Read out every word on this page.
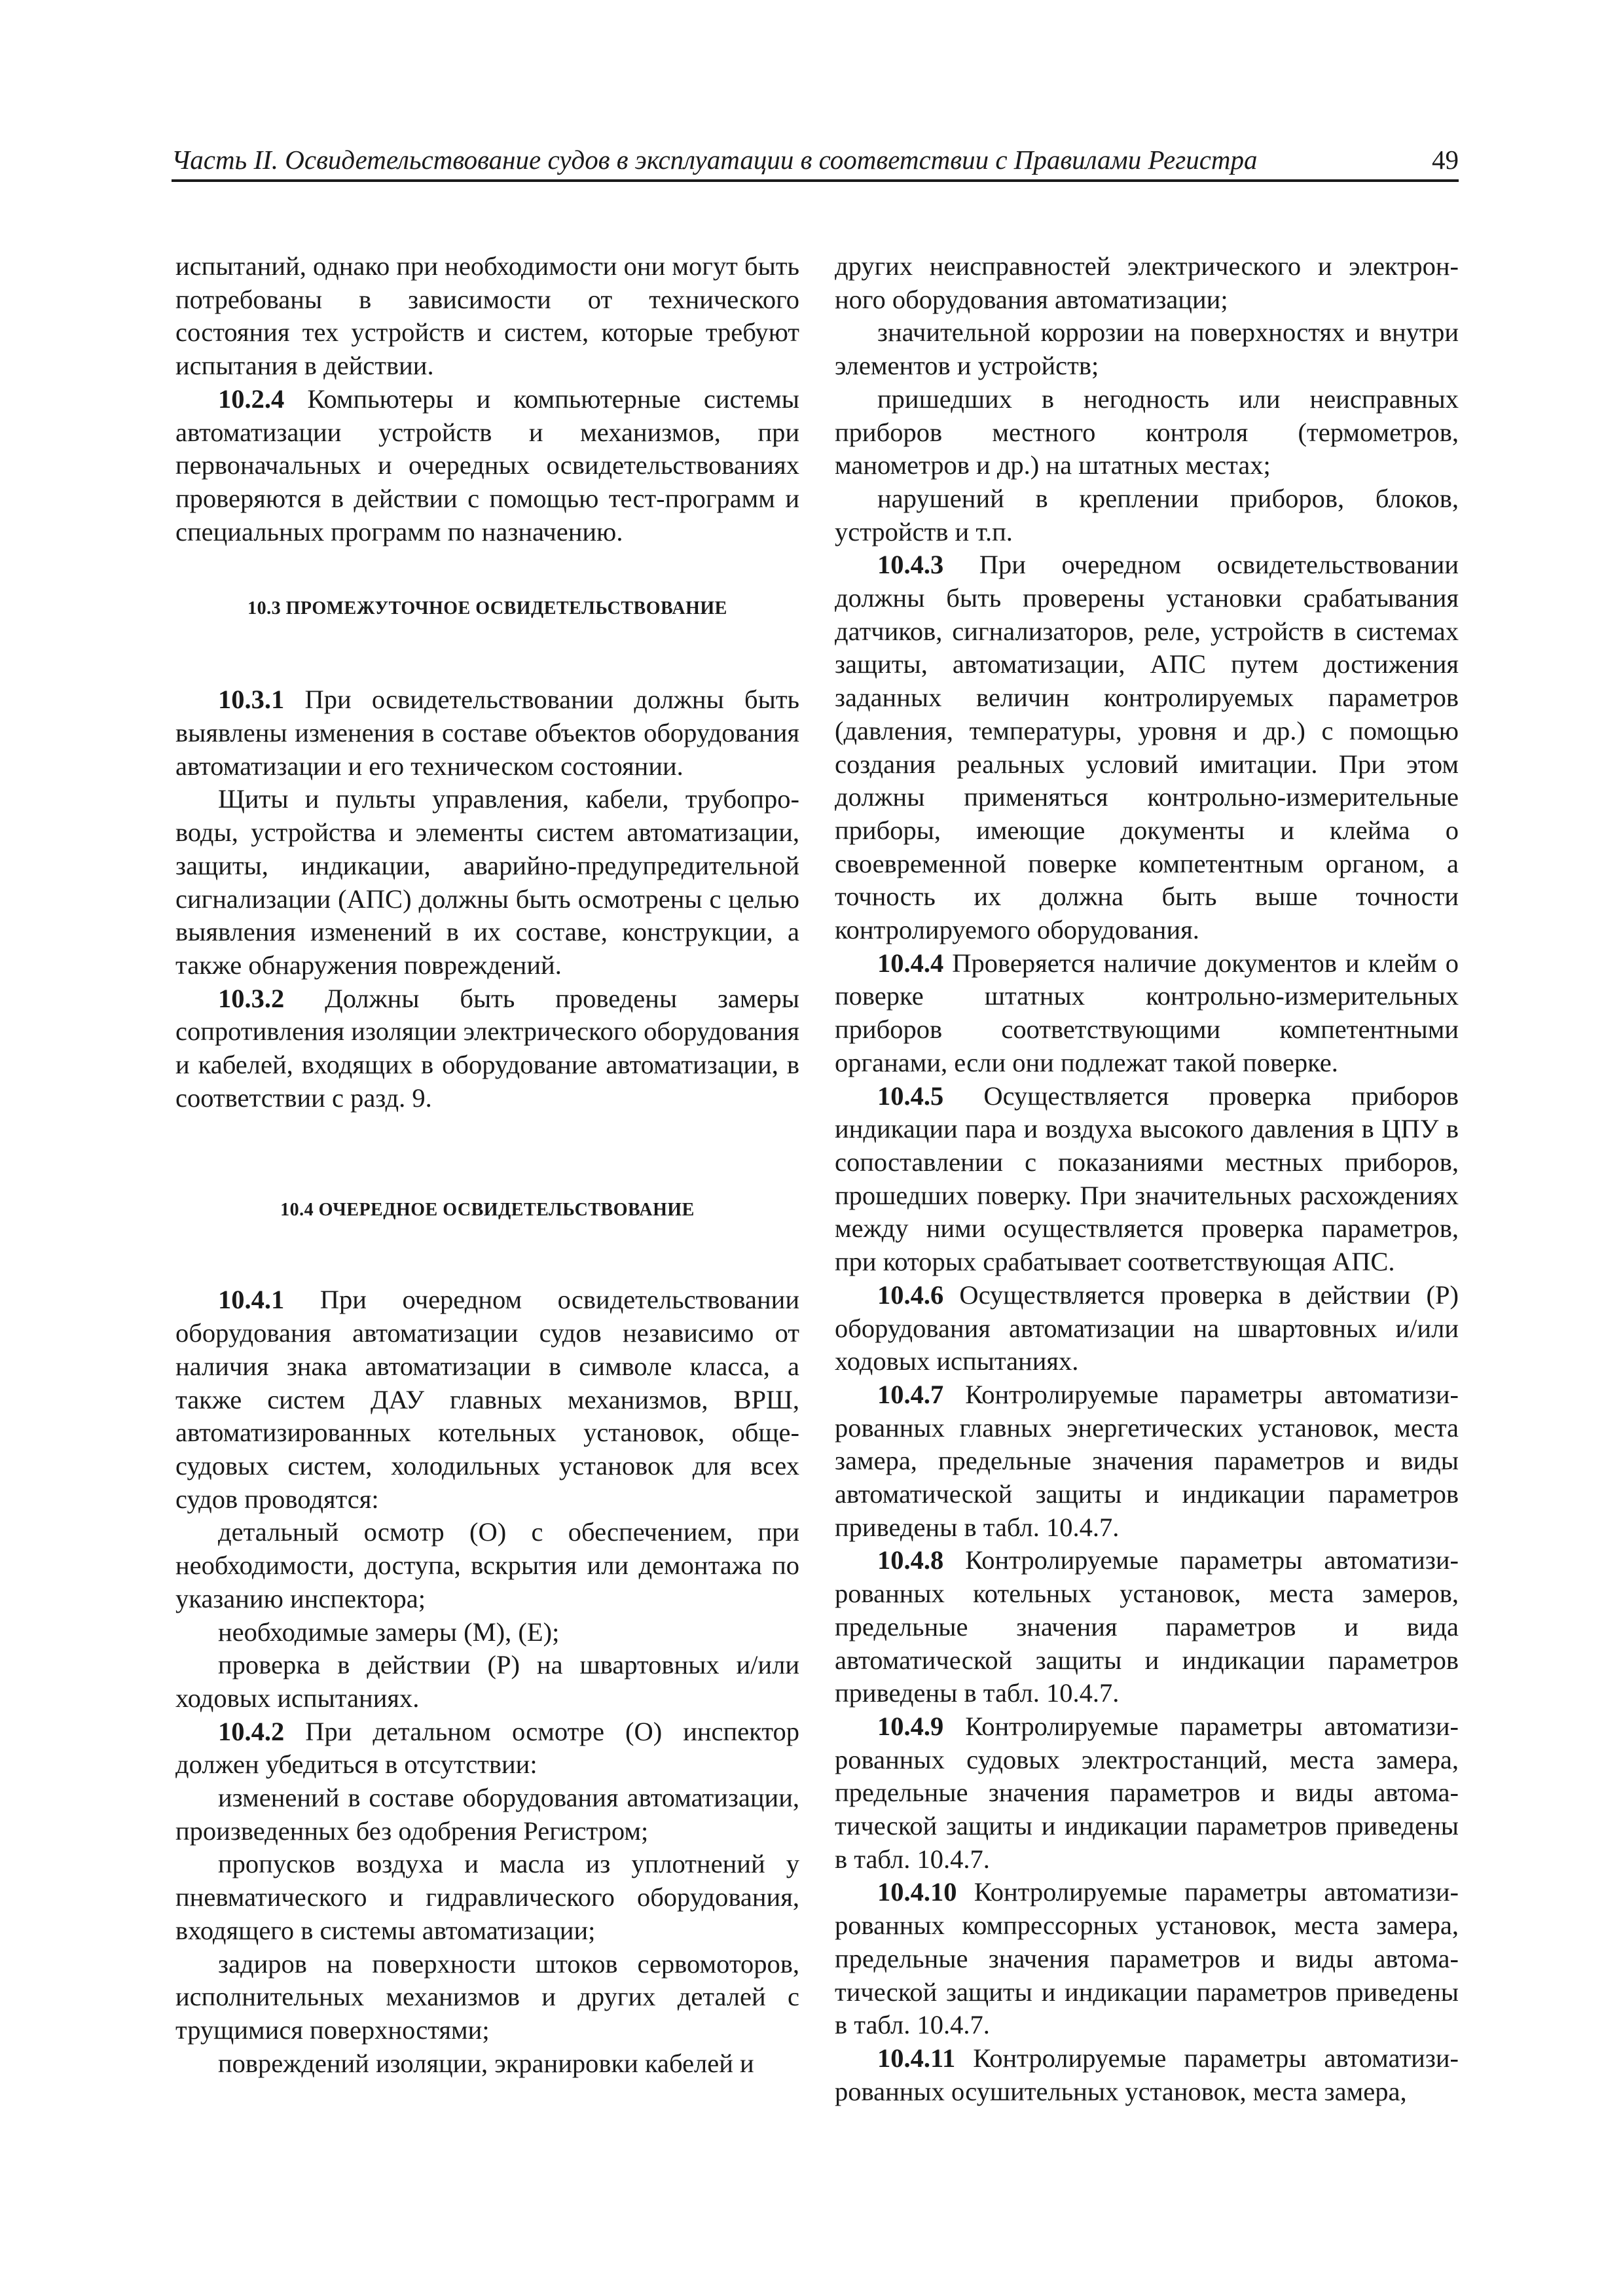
Часть II. Освидетельствование судов в эксплуатации в соответствии с Правилами Регистра	49

испытаний, однако при необходимости они могут быть потребованы в зависимости от технического состояния тех устройств и систем, которые требуют испытания в действии.

10.2.4 Компьютеры и компьютерные системы автоматизации устройств и механизмов, при первоначальных и очередных освидетельствованиях проверяются в действии с помощью тест-программ и специальных программ по назначению.

10.3 ПРОМЕЖУТОЧНОЕ ОСВИДЕТЕЛЬСТВОВАНИЕ

10.3.1 При освидетельствовании должны быть выявлены изменения в составе объектов оборудования автоматизации и его техническом состоянии.

Щиты и пульты управления, кабели, трубопроводы, устройства и элементы систем автоматизации, защиты, индикации, аварийно-предупредительной сигнализации (АПС) должны быть осмотрены с целью выявления изменений в их составе, конструкции, а также обнаружения повреждений.

10.3.2 Должны быть проведены замеры сопротивления изоляции электрического оборудования и кабелей, входящих в оборудование автоматизации, в соответствии с разд. 9.

10.4 ОЧЕРЕДНОЕ ОСВИДЕТЕЛЬСТВОВАНИЕ

10.4.1 При очередном освидетельствовании оборудования автоматизации судов независимо от наличия знака автоматизации в символе класса, а также систем ДАУ главных механизмов, ВРШ, автоматизированных котельных установок, общесудовых систем, холодильных установок для всех судов проводятся:

детальный осмотр (О) с обеспечением, при необходимости, доступа, вскрытия или демонтажа по указанию инспектора;

необходимые замеры (М), (Е);

проверка в действии (Р) на швартовных и/или ходовых испытаниях.

10.4.2 При детальном осмотре (О) инспектор должен убедиться в отсутствии:

изменений в составе оборудования автоматизации, произведенных без одобрения Регистром;

пропусков воздуха и масла из уплотнений у пневматического и гидравлического оборудования, входящего в системы автоматизации;

задиров на поверхности штоков сервомоторов, исполнительных механизмов и других деталей с трущимися поверхностями;

повреждений изоляции, экранировки кабелей и

других неисправностей электрического и электронного оборудования автоматизации;

значительной коррозии на поверхностях и внутри элементов и устройств;

пришедших в негодность или неисправных приборов местного контроля (термометров, манометров и др.) на штатных местах;

нарушений в креплении приборов, блоков, устройств и т.п.

10.4.3 При очередном освидетельствовании должны быть проверены установки срабатывания датчиков, сигнализаторов, реле, устройств в системах защиты, автоматизации, АПС путем достижения заданных величин контролируемых параметров (давления, температуры, уровня и др.) с помощью создания реальных условий имитации. При этом должны применяться контрольно-измерительные приборы, имеющие документы и клейма о своевременной поверке компетентным органом, а точность их должна быть выше точности контролируемого оборудования.

10.4.4 Проверяется наличие документов и клейм о поверке штатных контрольно-измерительных приборов соответствующими компетентными органами, если они подлежат такой поверке.

10.4.5 Осуществляется проверка приборов индикации пара и воздуха высокого давления в ЦПУ в сопоставлении с показаниями местных приборов, прошедших поверку. При значительных расхождениях между ними осуществляется проверка параметров, при которых срабатывает соответствующая АПС.

10.4.6 Осуществляется проверка в действии (Р) оборудования автоматизации на швартовных и/или ходовых испытаниях.

10.4.7 Контролируемые параметры автоматизированных главных энергетических установок, места замера, предельные значения параметров и виды автоматической защиты и индикации параметров приведены в табл. 10.4.7.

10.4.8 Контролируемые параметры автоматизированных котельных установок, места замеров, предельные значения параметров и вида автоматической защиты и индикации параметров приведены в табл. 10.4.7.

10.4.9 Контролируемые параметры автоматизированных судовых электростанций, места замера, предельные значения параметров и виды автоматической защиты и индикации параметров приведены в табл. 10.4.7.

10.4.10 Контролируемые параметры автоматизированных компрессорных установок, места замера, предельные значения параметров и виды автоматической защиты и индикации параметров приведены в табл. 10.4.7.

10.4.11 Контролируемые параметры автоматизированных осушительных установок, места замера,
